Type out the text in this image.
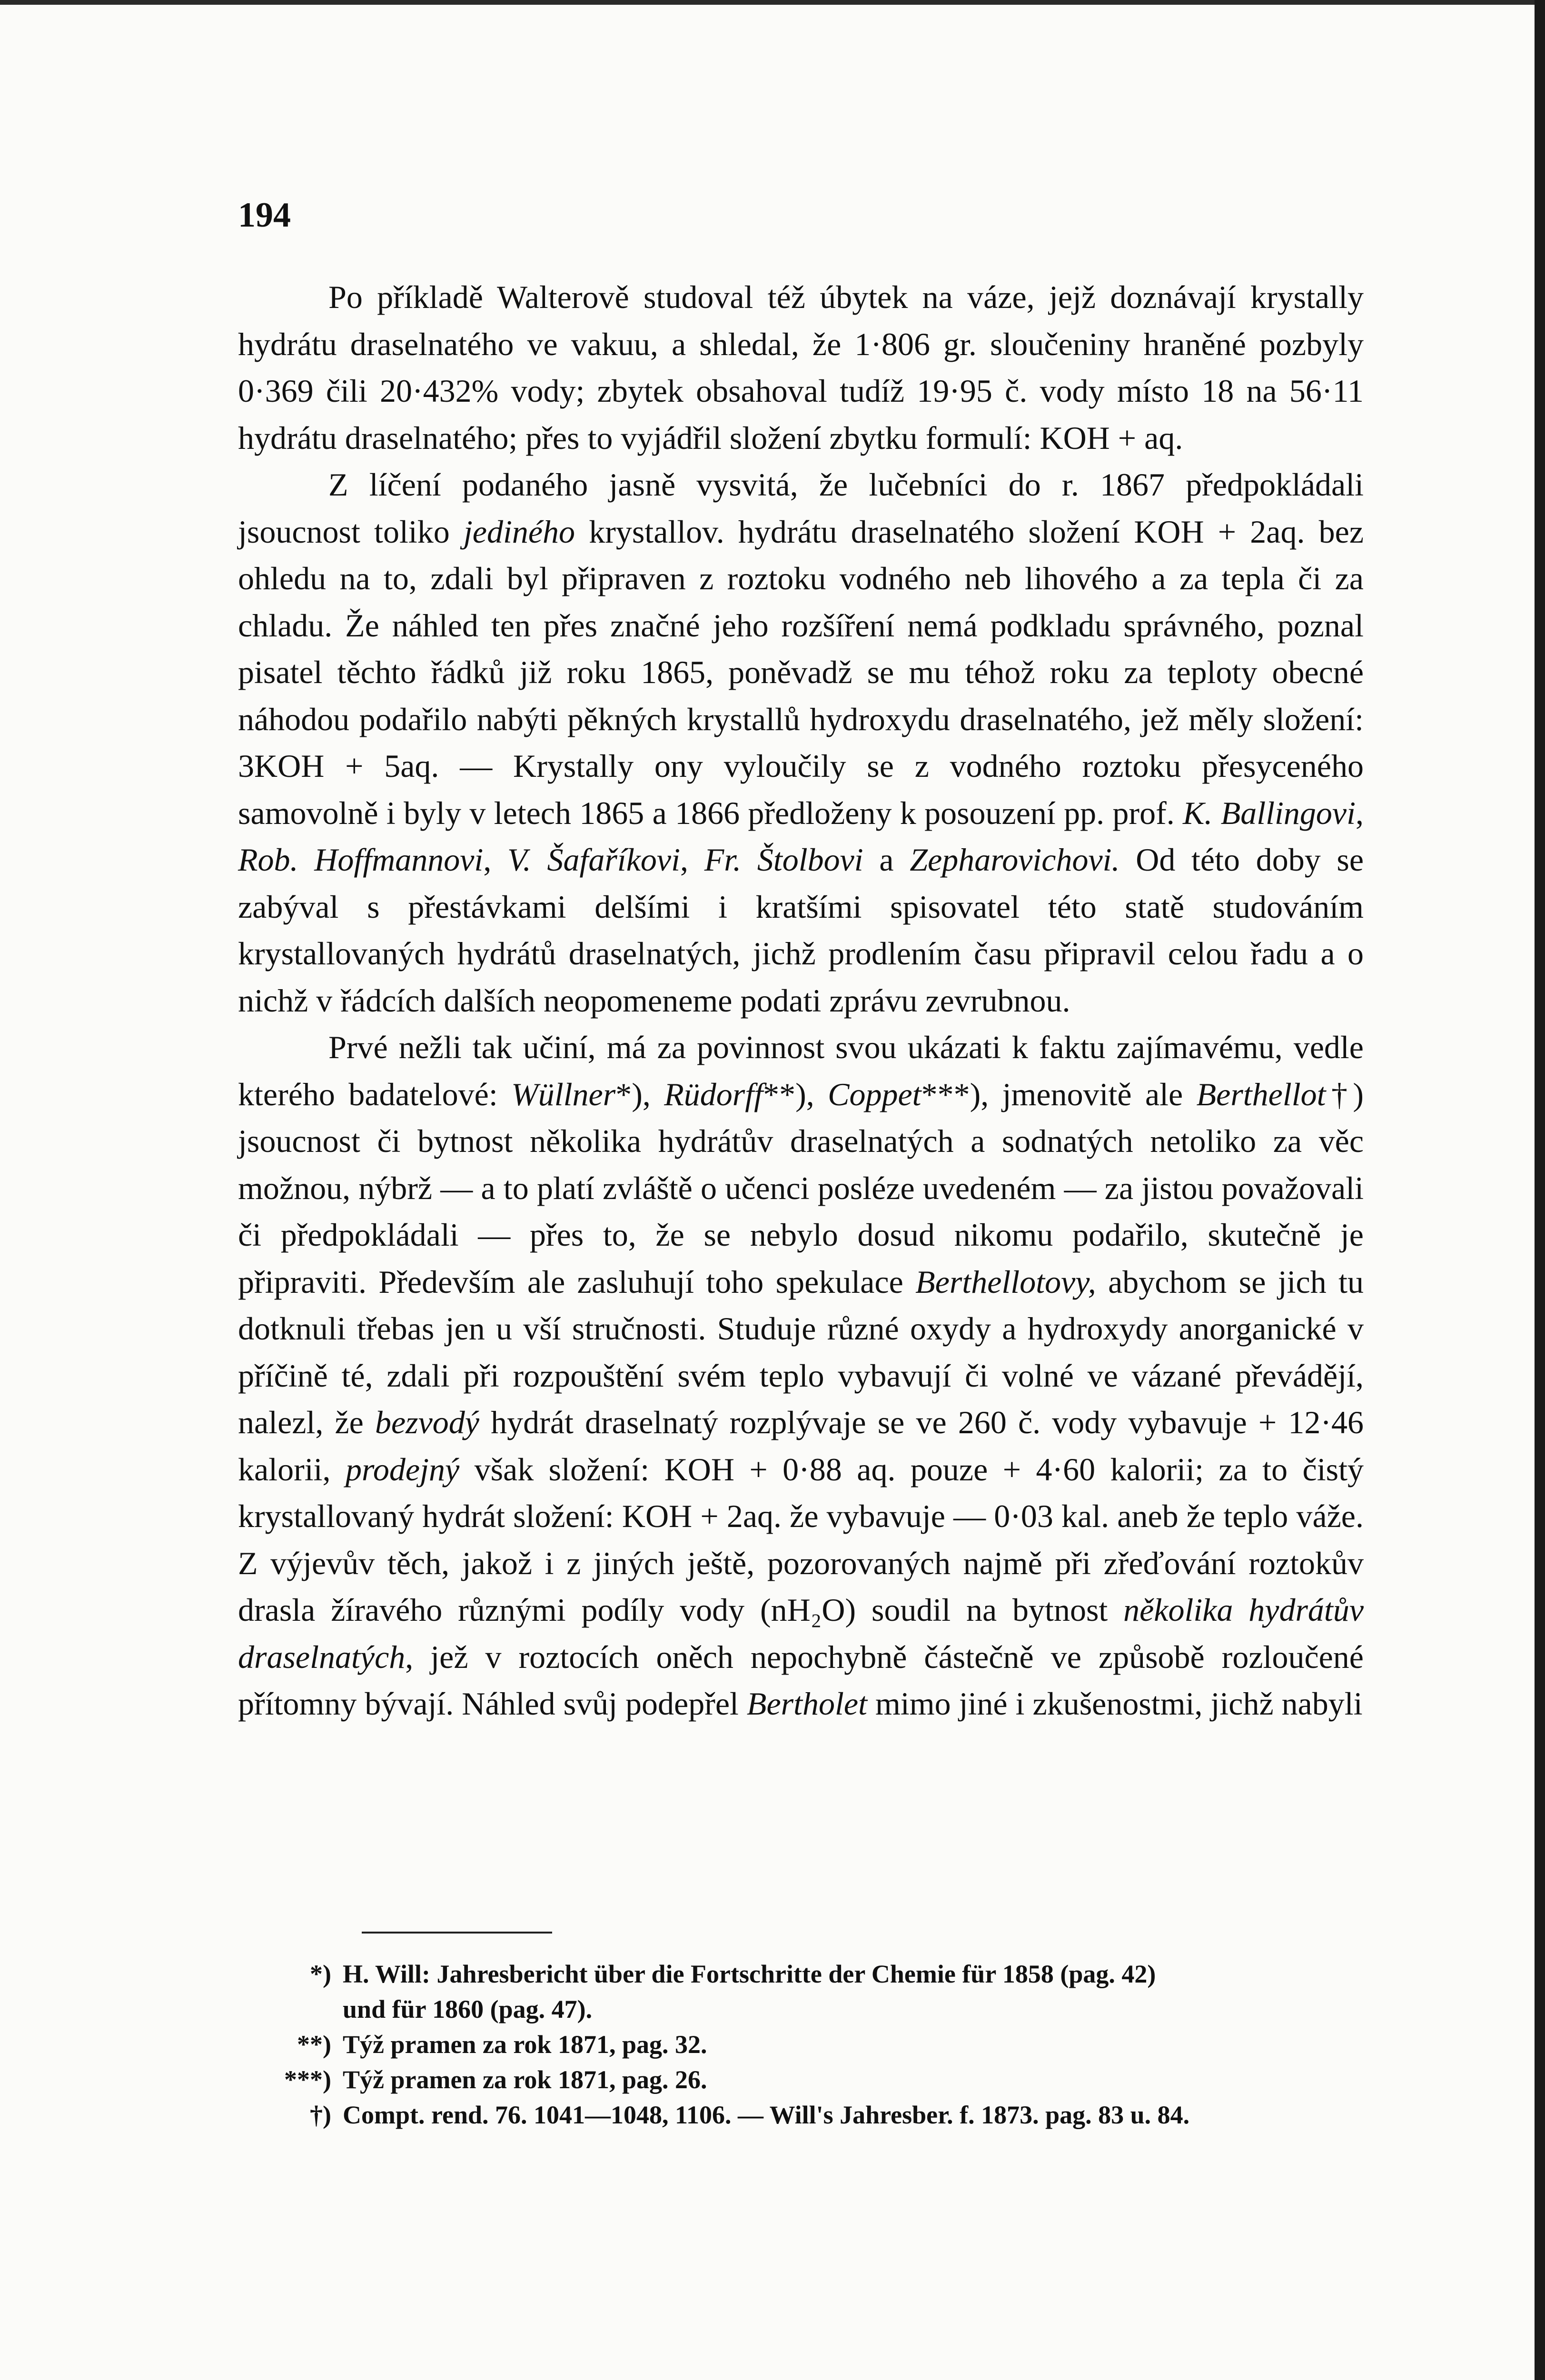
194

Po příkladě Walterově studoval též úbytek na váze, jejž doznávají krystally hydrátu draselnatého ve vakuu, a shledal, že 1·806 gr. sloučeniny hraněné pozbyly 0·369 čili 20·432% vody; zbytek obsahoval tudíž 19·95 č. vody místo 18 na 56·11 hydrátu draselnatého; přes to vyjádřil složení zbytku formulí: KOH + aq.

Z líčení podaného jasně vysvitá, že lučebníci do r. 1867 předpokládali jsoucnost toliko jediného krystallov. hydrátu draselnatého složení KOH + 2aq. bez ohledu na to, zdali byl připraven z roztoku vodného neb lihového a za tepla či za chladu. Že náhled ten přes značné jeho rozšíření nemá podkladu správného, poznal pisatel těchto řádků již roku 1865, poněvadž se mu téhož roku za teploty obecné náhodou podařilo nabýti pěkných krystallů hydroxydu draselnatého, jež měly složení: 3KOH + 5aq. — Krystally ony vyloučily se z vodného roztoku přesyceného samovolně i byly v letech 1865 a 1866 předloženy k posouzení pp. prof. K. Ballingovi, Rob. Hoffmannovi, V. Šafaříkovi, Fr. Štolbovi a Zepharovichovi. Od této doby se zabýval s přestávkami delšími i kratšími spisovatel této statě studováním krystallovaných hydrátů draselnatých, jichž prodlením času připravil celou řadu a o nichž v řádcích dalších neopomeneme podati zprávu zevrubnou.

Prvé nežli tak učiní, má za povinnost svou ukázati k faktu zajímavému, vedle kterého badatelové: Wüllner*), Rüdorff**), Coppet***), jmenovitě ale Berthellot†) jsoucnost či bytnost několika hydrátův draselnatých a sodnatých netoliko za věc možnou, nýbrž — a to platí zvláště o učenci posléze uvedeném — za jistou považovali či předpokládali — přes to, že se nebylo dosud nikomu podařilo, skutečně je připraviti. Především ale zasluhují toho spekulace Berthellotovy, abychom se jich tu dotknuli třebas jen u vší stručnosti. Studuje různé oxydy a hydroxydy anorganické v příčině té, zdali při rozpouštění svém teplo vybavují či volné ve vázané převádějí, nalezl, že bezvodý hydrát draselnatý rozplývaje se ve 260 č. vody vybavuje + 12·46 kalorii, prodejný však složení: KOH + 0·88 aq. pouze + 4·60 kalorii; za to čistý krystallovaný hydrát složení: KOH + 2aq. že vybavuje — 0·03 kal. aneb že teplo váže. Z výjevův těch, jakož i z jiných ještě, pozorovaných najmě při zřeďování roztokův drasla žíravého různými podíly vody (nH₂O) soudil na bytnost několika hydrátův draselnatých, jež v roztocích oněch nepochybně částečně ve způsobě rozloučené přítomny bývají. Náhled svůj podepřel Bertholet mimo jiné i zkušenostmi, jichž nabyli

*) H. Will: Jahresbericht über die Fortschritte der Chemie für 1858 (pag. 42)
und für 1860 (pag. 47).
**) Týž pramen za rok 1871, pag. 32.
***) Týž pramen za rok 1871, pag. 26.
†) Compt. rend. 76. 1041—1048, 1106. — Will's Jahresber. f. 1873. pag. 83 u. 84.
